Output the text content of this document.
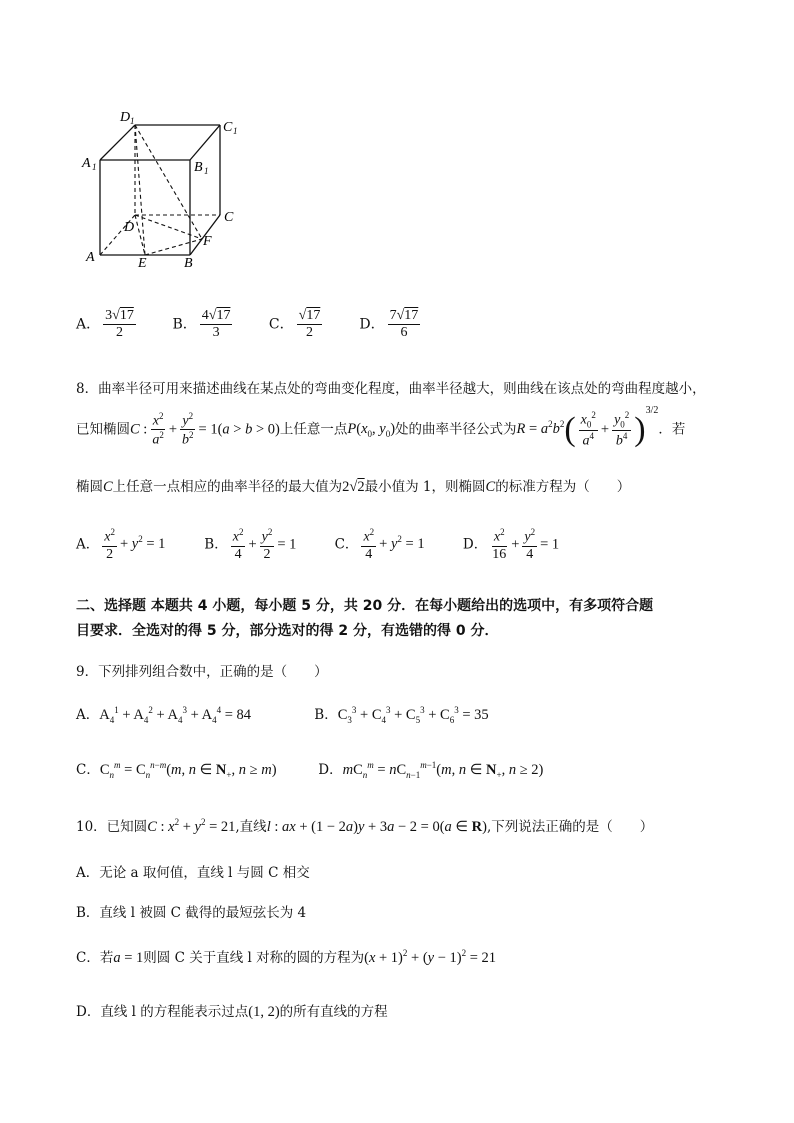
D 1	C 1
A 1	B 1
C
D
F
A	E	B
A． $\frac{3√17}{2}$	B． $\frac{4√17}{3}$	C． $\frac{√17}{2}$	D． $\frac{7√17}{6}$
8．曲率半径可用来描述曲线在某点处的弯曲变化程度，曲率半径越大，则曲线在该点处的弯曲程度越小，
已知椭圆C : $\frac{x^2}{a^2} + \frac{y^2}{b^2} = 1(a > b > 0)$上任意一点$P(x_0$, $y_0$)处的曲率半径公式为$R = a^2b^2( \frac{x_0^2}{a^4} + \frac{y_0^2}{b^4} )^{3/2}$．若
椭圆C上任意一点相应的曲率半径的最大值为2√2最小值为 1，则椭圆C的标准方程为（　　）
A． $\frac{x^2}{2} + y^2 = 1$	B． $\frac{x^2}{4} + \frac{y^2}{2} = 1$	C． $\frac{x^2}{4} + y^2 = 1$	D． $\frac{x^2}{16} + \frac{y^2}{4} = 1$
二、选择题 本题共 4 小题，每小题 5 分，共 20 分．在每小题给出的选项中，有多项符合题
目要求．全选对的得 5 分，部分选对的得 2 分，有选错的得 0 分．
9．下列排列组合数中，正确的是（　　）
A．$A_4^1 + A_4^2 + A_4^3 + A_4^4 = 84$	B．$C_3^3 + C_4^3 + C_5^3 + C_6^3 = 35$
C．$C_n^m = C_n^{n-m}(m$, n ∈ $N_+$, n ≥ m)	D．$mC_n^m = nC_{n-1}^{m-1}(m$, n ∈ $N_+$, n ≥ 2)
10．已知圆C : $x^2 + y^2 = 21$,直线l : ax + (1 − 2a)y + 3a − 2 = 0(a ∈ R),下列说法正确的是（　　）
A．无论 a 取何值，直线 l 与圆 C 相交
B．直线 l 被圆 C 截得的最短弦长为 4
C．若a = 1则圆 C 关于直线 l 对称的圆的方程为$(x + 1)^2 + (y - 1)^2 = 21$
D．直线 l 的方程能表示过点(1, 2)的所有直线的方程
